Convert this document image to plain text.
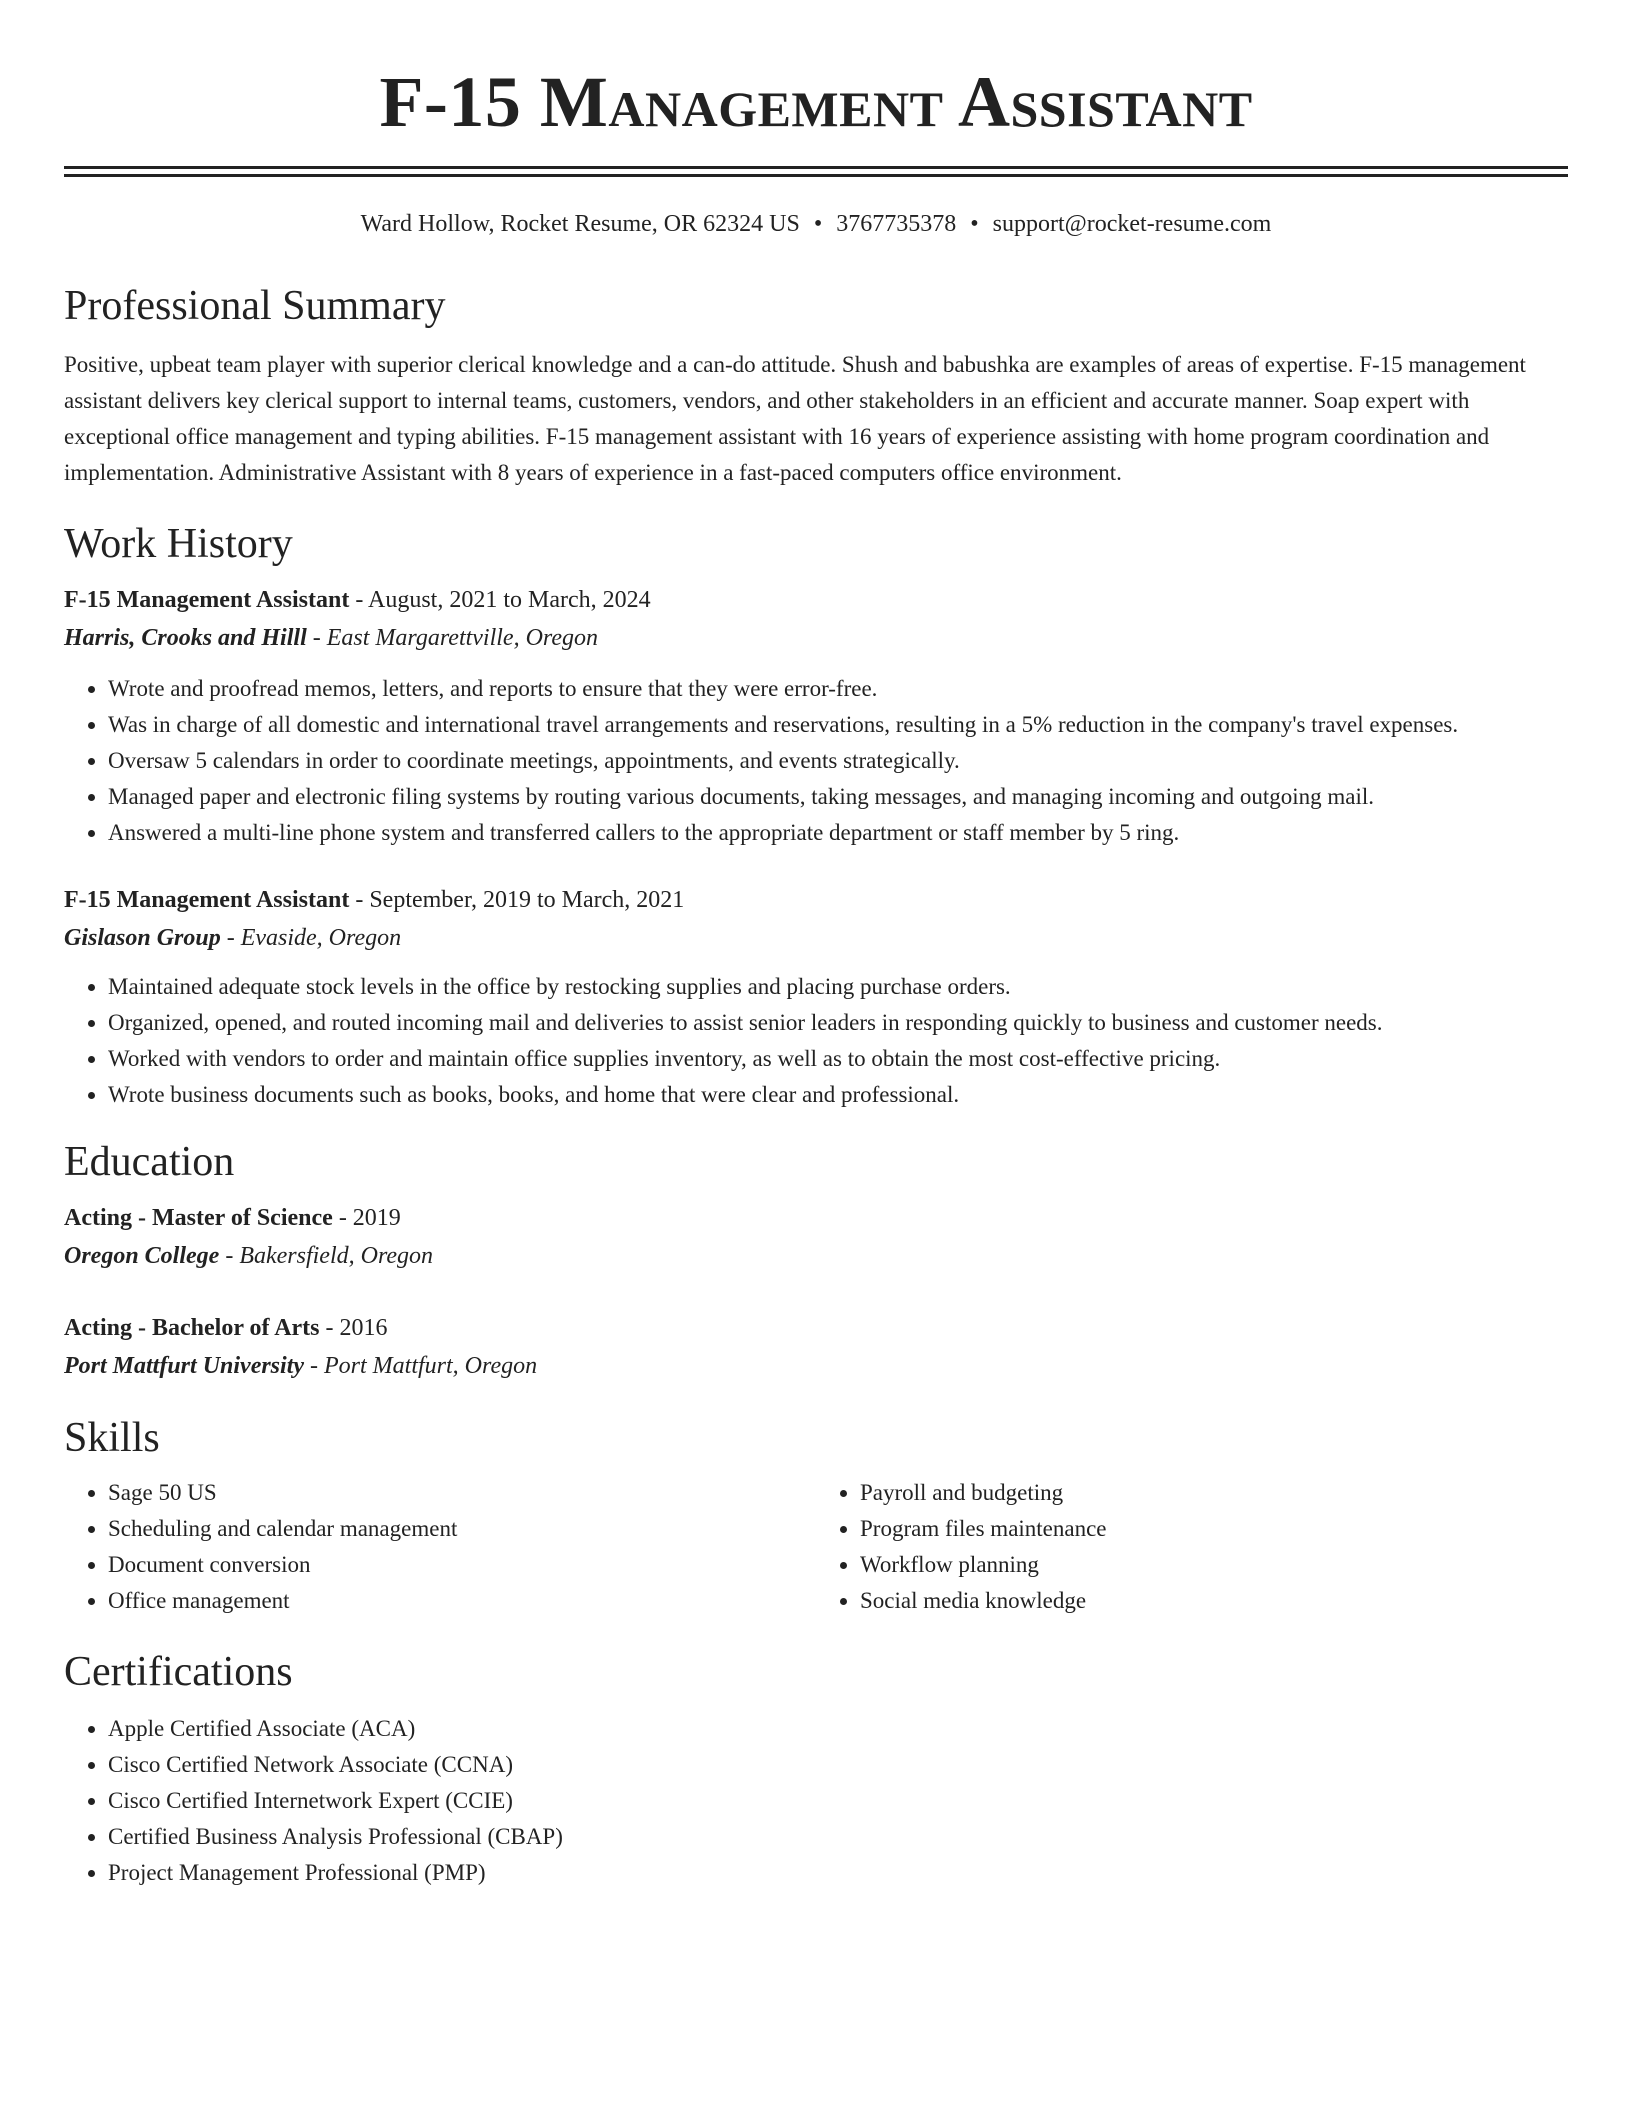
F-15 Management Assistant
Ward Hollow, Rocket Resume, OR 62324 US • 3767735378 • support@rocket-resume.com
Professional Summary

Positive, upbeat team player with superior clerical knowledge and a can-do attitude. Shush and babushka are examples of areas of expertise. F-15 management assistant delivers key clerical support to internal teams, customers, vendors, and other stakeholders in an efficient and accurate manner. Soap expert with exceptional office management and typing abilities. F-15 management assistant with 16 years of experience assisting with home program coordination and implementation. Administrative Assistant with 8 years of experience in a fast-paced computers office environment.

Work History
F-15 Management Assistant - August, 2021 to March, 2024
Harris, Crooks and Hilll - East Margarettville, Oregon
• Wrote and proofread memos, letters, and reports to ensure that they were error-free.
• Was in charge of all domestic and international travel arrangements and reservations, resulting in a 5% reduction in the company's travel expenses.
• Oversaw 5 calendars in order to coordinate meetings, appointments, and events strategically.
• Managed paper and electronic filing systems by routing various documents, taking messages, and managing incoming and outgoing mail.
• Answered a multi-line phone system and transferred callers to the appropriate department or staff member by 5 ring.
F-15 Management Assistant - September, 2019 to March, 2021
Gislason Group - Evaside, Oregon
• Maintained adequate stock levels in the office by restocking supplies and placing purchase orders.
• Organized, opened, and routed incoming mail and deliveries to assist senior leaders in responding quickly to business and customer needs.
• Worked with vendors to order and maintain office supplies inventory, as well as to obtain the most cost-effective pricing.
• Wrote business documents such as books, books, and home that were clear and professional.
Education
Acting - Master of Science - 2019
Oregon College - Bakersfield, Oregon
Acting - Bachelor of Arts - 2016
Port Mattfurt University - Port Mattfurt, Oregon
Skills
• Sage 50 US
• Scheduling and calendar management
• Document conversion
• Office management
• Payroll and budgeting
• Program files maintenance
• Workflow planning
• Social media knowledge
Certifications
• Apple Certified Associate (ACA)
• Cisco Certified Network Associate (CCNA)
• Cisco Certified Internetwork Expert (CCIE)
• Certified Business Analysis Professional (CBAP)
• Project Management Professional (PMP)
